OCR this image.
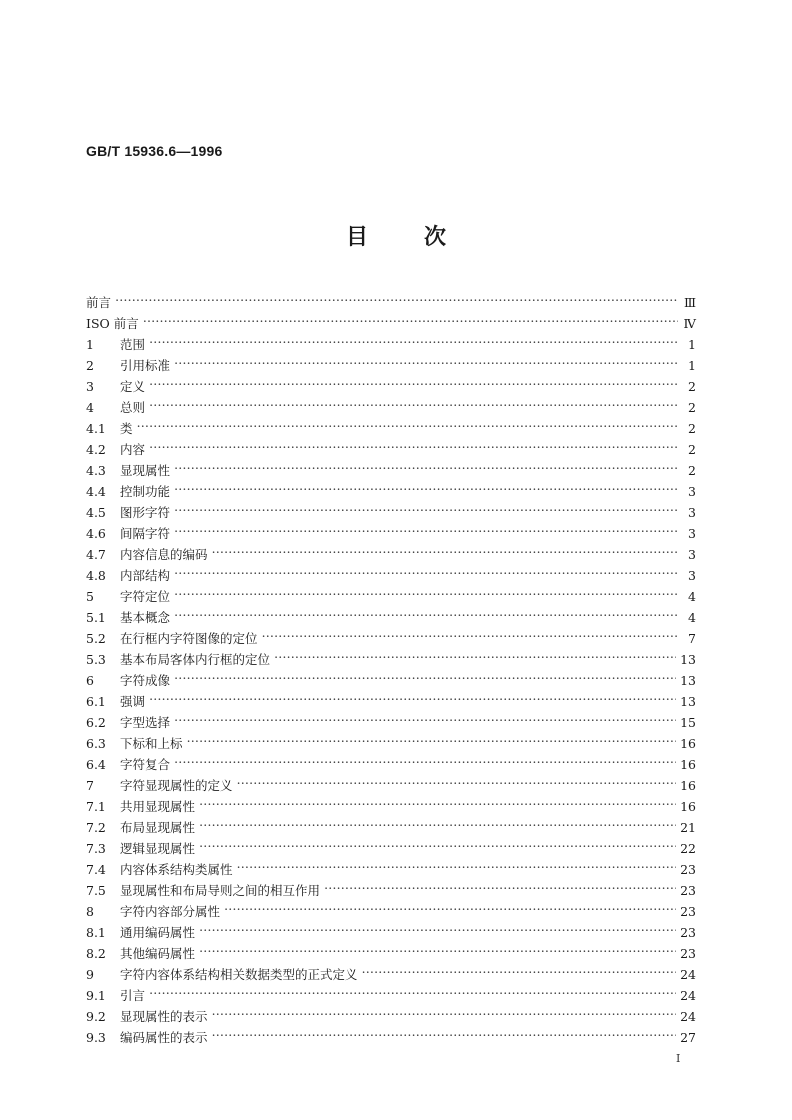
GB/T 15936.6—1996
目次
前言 …………………………………………………………………………………………………………………………………………………………………………………………………………	Ⅲ
ISO 前言 …………………………………………………………………………………………………………………………………………………………………………………………………………	Ⅳ
1	范围 …………………………………………………………………………………………………………………………………………………………………………………………………………	1
2	引用标准 …………………………………………………………………………………………………………………………………………………………………………………………………………	1
3	定义 …………………………………………………………………………………………………………………………………………………………………………………………………………	2
4	总则 …………………………………………………………………………………………………………………………………………………………………………………………………………	2
4.1	类 …………………………………………………………………………………………………………………………………………………………………………………………………………	2
4.2	内容 …………………………………………………………………………………………………………………………………………………………………………………………………………	2
4.3	显现属性 …………………………………………………………………………………………………………………………………………………………………………………………………………	2
4.4	控制功能 …………………………………………………………………………………………………………………………………………………………………………………………………………	3
4.5	图形字符 …………………………………………………………………………………………………………………………………………………………………………………………………………	3
4.6	间隔字符 …………………………………………………………………………………………………………………………………………………………………………………………………………	3
4.7	内容信息的编码 …………………………………………………………………………………………………………………………………………………………………………………………………………	3
4.8	内部结构 …………………………………………………………………………………………………………………………………………………………………………………………………………	3
5	字符定位 …………………………………………………………………………………………………………………………………………………………………………………………………………	4
5.1	基本概念 …………………………………………………………………………………………………………………………………………………………………………………………………………	4
5.2	在行框内字符图像的定位 …………………………………………………………………………………………………………………………………………………………………………………………………………	7
5.3	基本布局客体内行框的定位 …………………………………………………………………………………………………………………………………………………………………………………………………………	13
6	字符成像 …………………………………………………………………………………………………………………………………………………………………………………………………………	13
6.1	强调 …………………………………………………………………………………………………………………………………………………………………………………………………………	13
6.2	字型选择 …………………………………………………………………………………………………………………………………………………………………………………………………………	15
6.3	下标和上标 …………………………………………………………………………………………………………………………………………………………………………………………………………	16
6.4	字符复合 …………………………………………………………………………………………………………………………………………………………………………………………………………	16
7	字符显现属性的定义 …………………………………………………………………………………………………………………………………………………………………………………………………………	16
7.1	共用显现属性 …………………………………………………………………………………………………………………………………………………………………………………………………………	16
7.2	布局显现属性 …………………………………………………………………………………………………………………………………………………………………………………………………………	21
7.3	逻辑显现属性 …………………………………………………………………………………………………………………………………………………………………………………………………………	22
7.4	内容体系结构类属性 …………………………………………………………………………………………………………………………………………………………………………………………………………	23
7.5	显现属性和布局导则之间的相互作用 …………………………………………………………………………………………………………………………………………………………………………………………………………	23
8	字符内容部分属性 …………………………………………………………………………………………………………………………………………………………………………………………………………	23
8.1	通用编码属性 …………………………………………………………………………………………………………………………………………………………………………………………………………	23
8.2	其他编码属性 …………………………………………………………………………………………………………………………………………………………………………………………………………	23
9	字符内容体系结构相关数据类型的正式定义 …………………………………………………………………………………………………………………………………………………………………………………………………………	24
9.1	引言 …………………………………………………………………………………………………………………………………………………………………………………………………………	24
9.2	显现属性的表示 …………………………………………………………………………………………………………………………………………………………………………………………………………	24
9.3	编码属性的表示 …………………………………………………………………………………………………………………………………………………………………………………………………………	27
I
